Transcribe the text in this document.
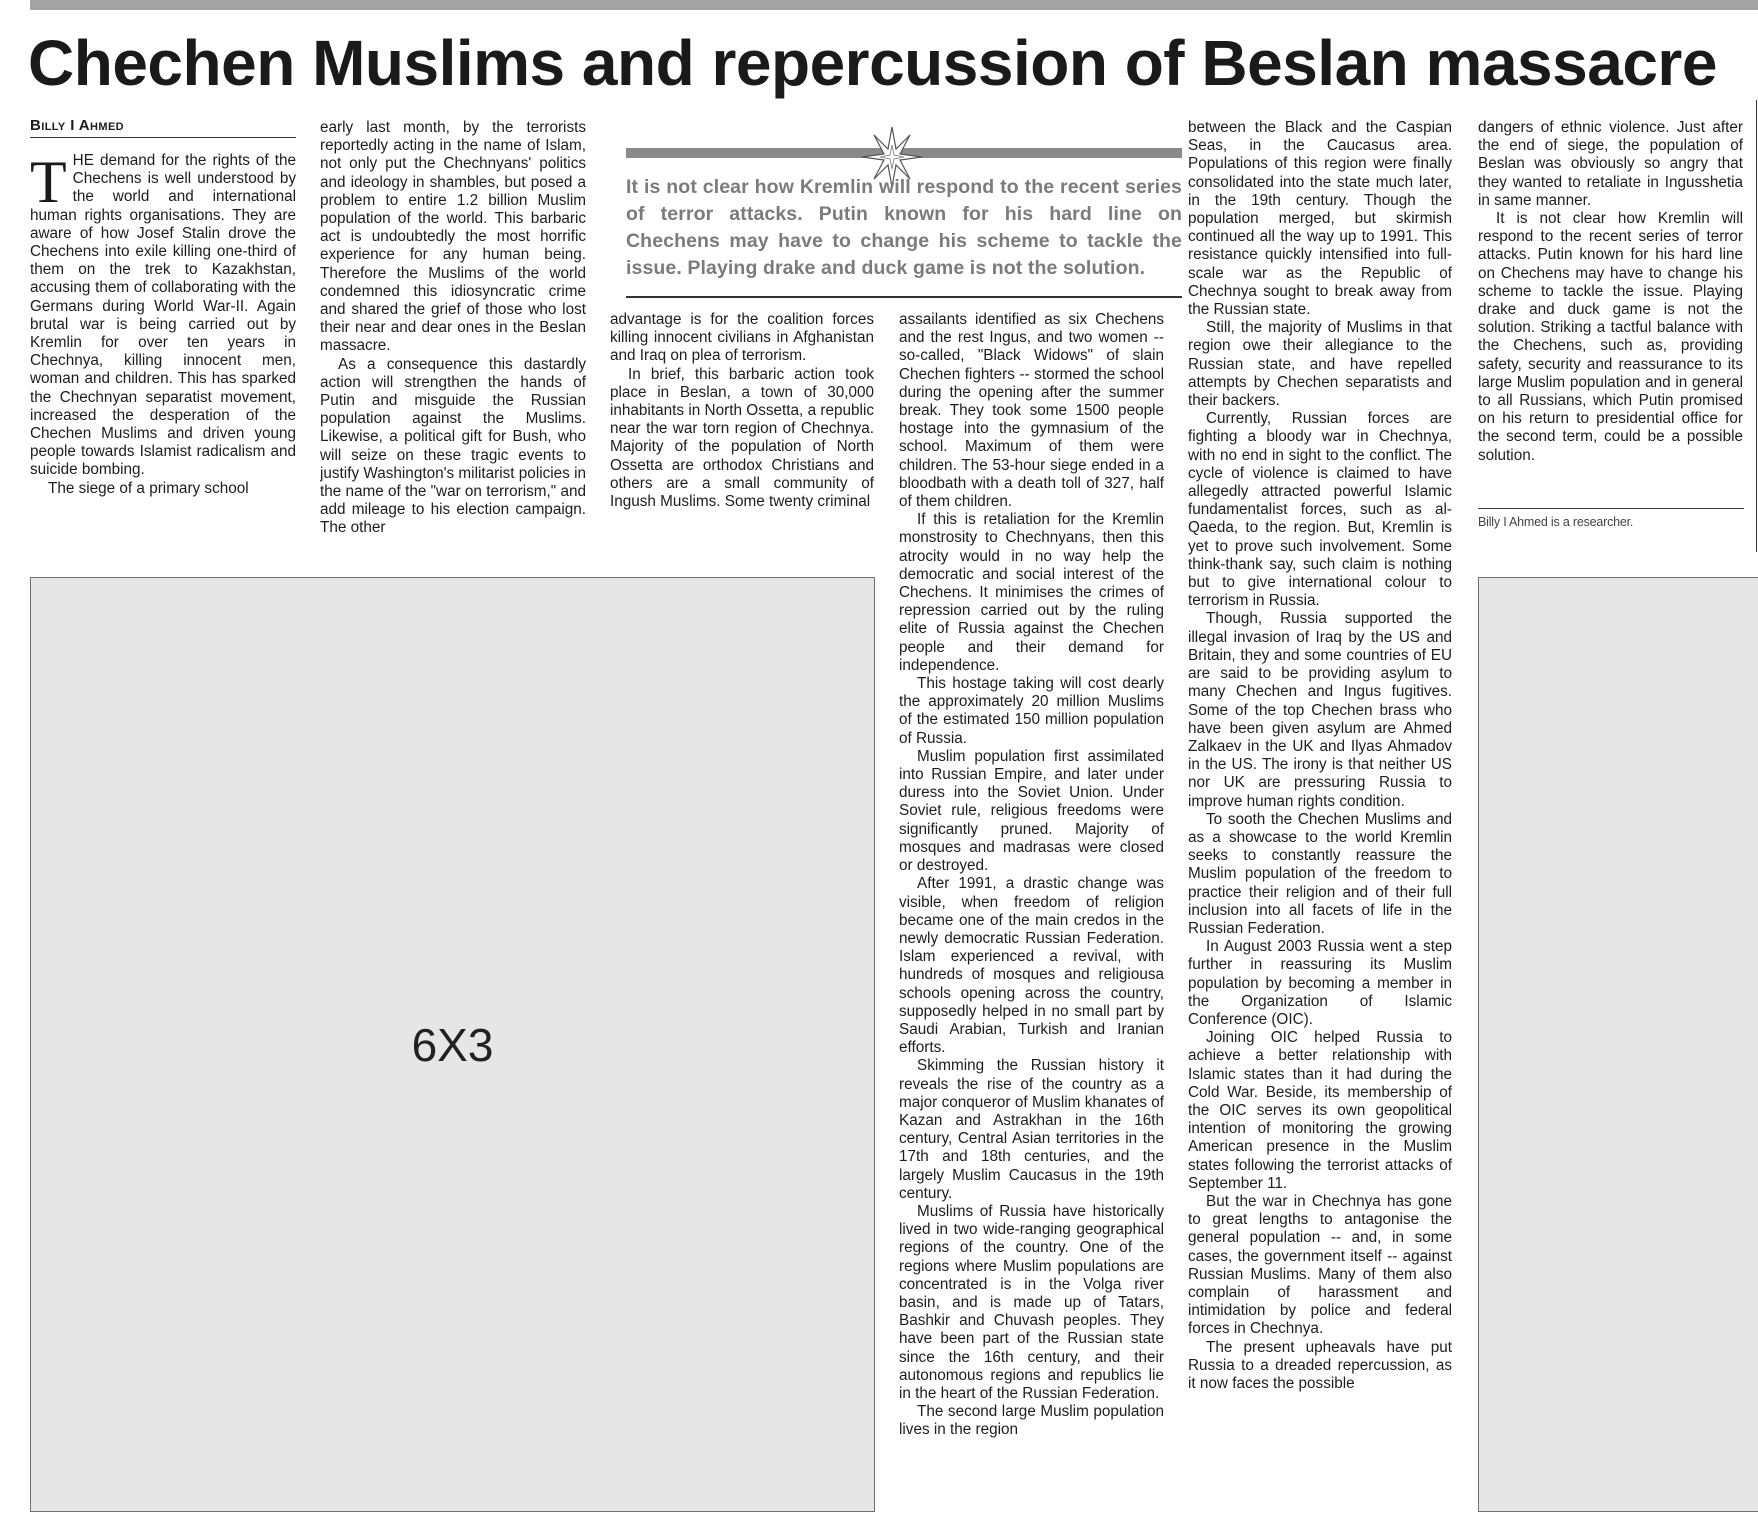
Chechen Muslims and repercussion of Beslan massacre
Billy I Ahmed

THE demand for the rights of the Chechens is well understood by the world and international human rights organisations. They are aware of how Josef Stalin drove the Chechens into exile killing one-third of them on the trek to Kazakhstan, accusing them of collaborating with the Germans during World War-II. Again brutal war is being carried out by Kremlin for over ten years in Chechnya, killing innocent men, woman and children. This has sparked the Chechnyan separatist movement, increased the desperation of the Chechen Muslims and driven young people towards Islamist radicalism and suicide bombing.

The siege of a primary school

early last month, by the terrorists reportedly acting in the name of Islam, not only put the Chechnyans' politics and ideology in shambles, but posed a problem to entire 1.2 billion Muslim population of the world. This barbaric act is undoubtedly the most horrific experience for any human being. Therefore the Muslims of the world condemned this idiosyncratic crime and shared the grief of those who lost their near and dear ones in the Beslan massacre.

As a consequence this dastardly action will strengthen the hands of Putin and misguide the Russian population against the Muslims. Likewise, a political gift for Bush, who will seize on these tragic events to justify Washington's militarist policies in the name of the "war on terrorism," and add mileage to his election campaign. The other

It is not clear how Kremlin will respond to the recent series of terror attacks. Putin known for his hard line on Chechens may have to change his scheme to tackle the issue. Playing drake and duck game is not the solution.

advantage is for the coalition forces killing innocent civilians in Afghanistan and Iraq on plea of terrorism.

In brief, this barbaric action took place in Beslan, a town of 30,000 inhabitants in North Ossetta, a republic near the war torn region of Chechnya. Majority of the population of North Ossetta are orthodox Christians and others are a small community of Ingush Muslims. Some twenty criminal

assailants identified as six Chechens and the rest Ingus, and two women -- so-called, "Black Widows" of slain Chechen fighters -- stormed the school during the opening after the summer break. They took some 1500 people hostage into the gymnasium of the school. Maximum of them were children. The 53-hour siege ended in a bloodbath with a death toll of 327, half of them children.

If this is retaliation for the Kremlin monstrosity to Chechnyans, then this atrocity would in no way help the democratic and social interest of the Chechens. It minimises the crimes of repression carried out by the ruling elite of Russia against the Chechen people and their demand for independence.

This hostage taking will cost dearly the approximately 20 million Muslims of the estimated 150 million population of Russia.

Muslim population first assimilated into Russian Empire, and later under duress into the Soviet Union. Under Soviet rule, religious freedoms were significantly pruned. Majority of mosques and madrasas were closed or destroyed.

After 1991, a drastic change was visible, when freedom of religion became one of the main credos in the newly democratic Russian Federation. Islam experienced a revival, with hundreds of mosques and religiousa schools opening across the country, supposedly helped in no small part by Saudi Arabian, Turkish and Iranian efforts.

Skimming the Russian history it reveals the rise of the country as a major conqueror of Muslim khanates of Kazan and Astrakhan in the 16th century, Central Asian territories in the 17th and 18th centuries, and the largely Muslim Caucasus in the 19th century.

Muslims of Russia have historically lived in two wide-ranging geographical regions of the country. One of the regions where Muslim populations are concentrated is in the Volga river basin, and is made up of Tatars, Bashkir and Chuvash peoples. They have been part of the Russian state since the 16th century, and their autonomous regions and republics lie in the heart of the Russian Federation.

The second large Muslim population lives in the region

between the Black and the Caspian Seas, in the Caucasus area. Populations of this region were finally consolidated into the state much later, in the 19th century. Though the population merged, but skirmish continued all the way up to 1991. This resistance quickly intensified into full-scale war as the Republic of Chechnya sought to break away from the Russian state.

Still, the majority of Muslims in that region owe their allegiance to the Russian state, and have repelled attempts by Chechen separatists and their backers.

Currently, Russian forces are fighting a bloody war in Chechnya, with no end in sight to the conflict. The cycle of violence is claimed to have allegedly attracted powerful Islamic fundamentalist forces, such as al-Qaeda, to the region. But, Kremlin is yet to prove such involvement. Some think-thank say, such claim is nothing but to give international colour to terrorism in Russia.

Though, Russia supported the illegal invasion of Iraq by the US and Britain, they and some countries of EU are said to be providing asylum to many Chechen and Ingus fugitives. Some of the top Chechen brass who have been given asylum are Ahmed Zalkaev in the UK and Ilyas Ahmadov in the US. The irony is that neither US nor UK are pressuring Russia to improve human rights condition.

To sooth the Chechen Muslims and as a showcase to the world Kremlin seeks to constantly reassure the Muslim population of the freedom to practice their religion and of their full inclusion into all facets of life in the Russian Federation.

In August 2003 Russia went a step further in reassuring its Muslim population by becoming a member in the Organization of Islamic Conference (OIC).

Joining OIC helped Russia to achieve a better relationship with Islamic states than it had during the Cold War. Beside, its membership of the OIC serves its own geopolitical intention of monitoring the growing American presence in the Muslim states following the terrorist attacks of September 11.

But the war in Chechnya has gone to great lengths to antagonise the general population -- and, in some cases, the government itself -- against Russian Muslims. Many of them also complain of harassment and intimidation by police and federal forces in Chechnya.

The present upheavals have put Russia to a dreaded repercussion, as it now faces the possible

dangers of ethnic violence. Just after the end of siege, the population of Beslan was obviously so angry that they wanted to retaliate in Ingusshetia in same manner.

It is not clear how Kremlin will respond to the recent series of terror attacks. Putin known for his hard line on Chechens may have to change his scheme to tackle the issue. Playing drake and duck game is not the solution. Striking a tactful balance with the Chechens, such as, providing safety, security and reassurance to its large Muslim population and in general to all Russians, which Putin promised on his return to presidential office for the second term, could be a possible solution.

Billy I Ahmed is a researcher.
6X3
